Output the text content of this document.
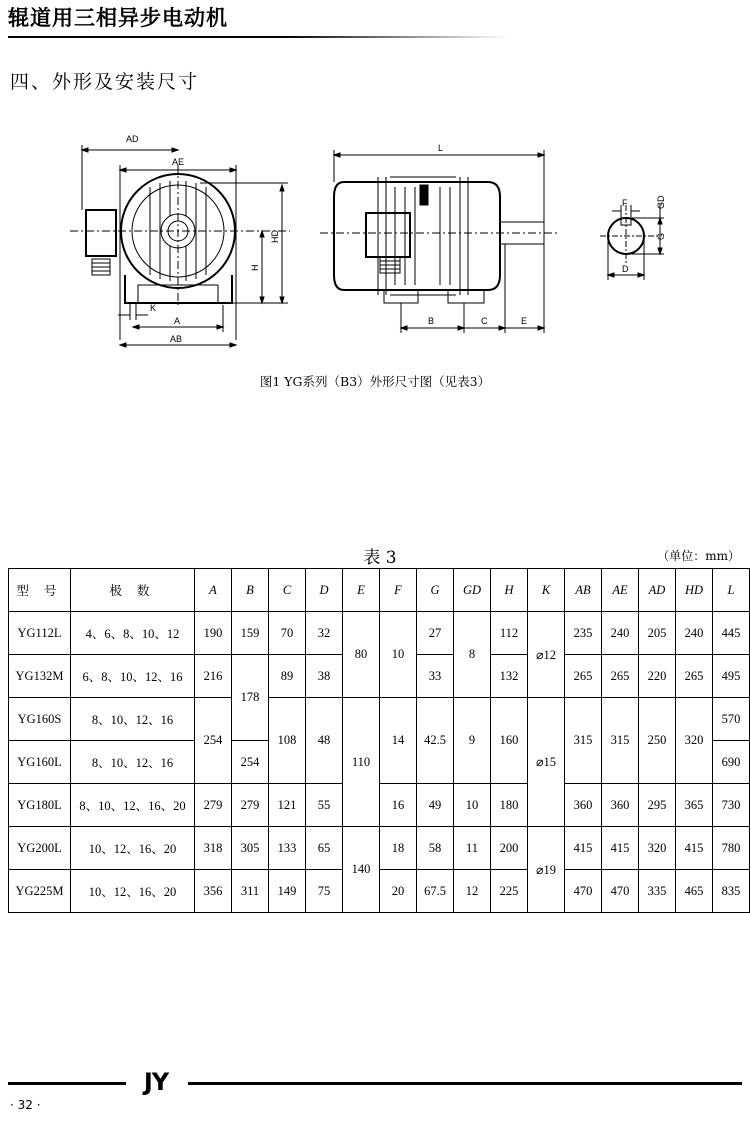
辊道用三相异步电动机
四、外形及安装尺寸
AD
AE
HD
H
K
A
AB
L
B	C	E
F	GD
G
D
图1 YG系列（B3）外形尺寸图（见表3）
表 3	（单位：mm）
型 号	极 数	A	B	C	D	E	F	G	GD	H	K	AB	AE	AD	HD	L
YG112L	4、6、8、10、12	190	159	70	32	80	10	27	8	112	⌀12	235	240	205	240	445
YG132M	6、8、10、12、16	216	178	89	38			33		132		265	265	220	265	495
YG160S	8、10、12、16	254		108	48	110	14	42.5	9	160	⌀15	315	315	250	320	570
YG160L	8、10、12、16		254													690
YG180L	8、10、12、16、20	279	279	121	55		16	49	10	180		360	360	295	365	730
YG200L	10、12、16、20	318	305	133	65	140	18	58	11	200	⌀19	415	415	320	415	780
YG225M	10、12、16、20	356	311	149	75		20	67.5	12	225		470	470	335	465	835
JY
· 32 ·
